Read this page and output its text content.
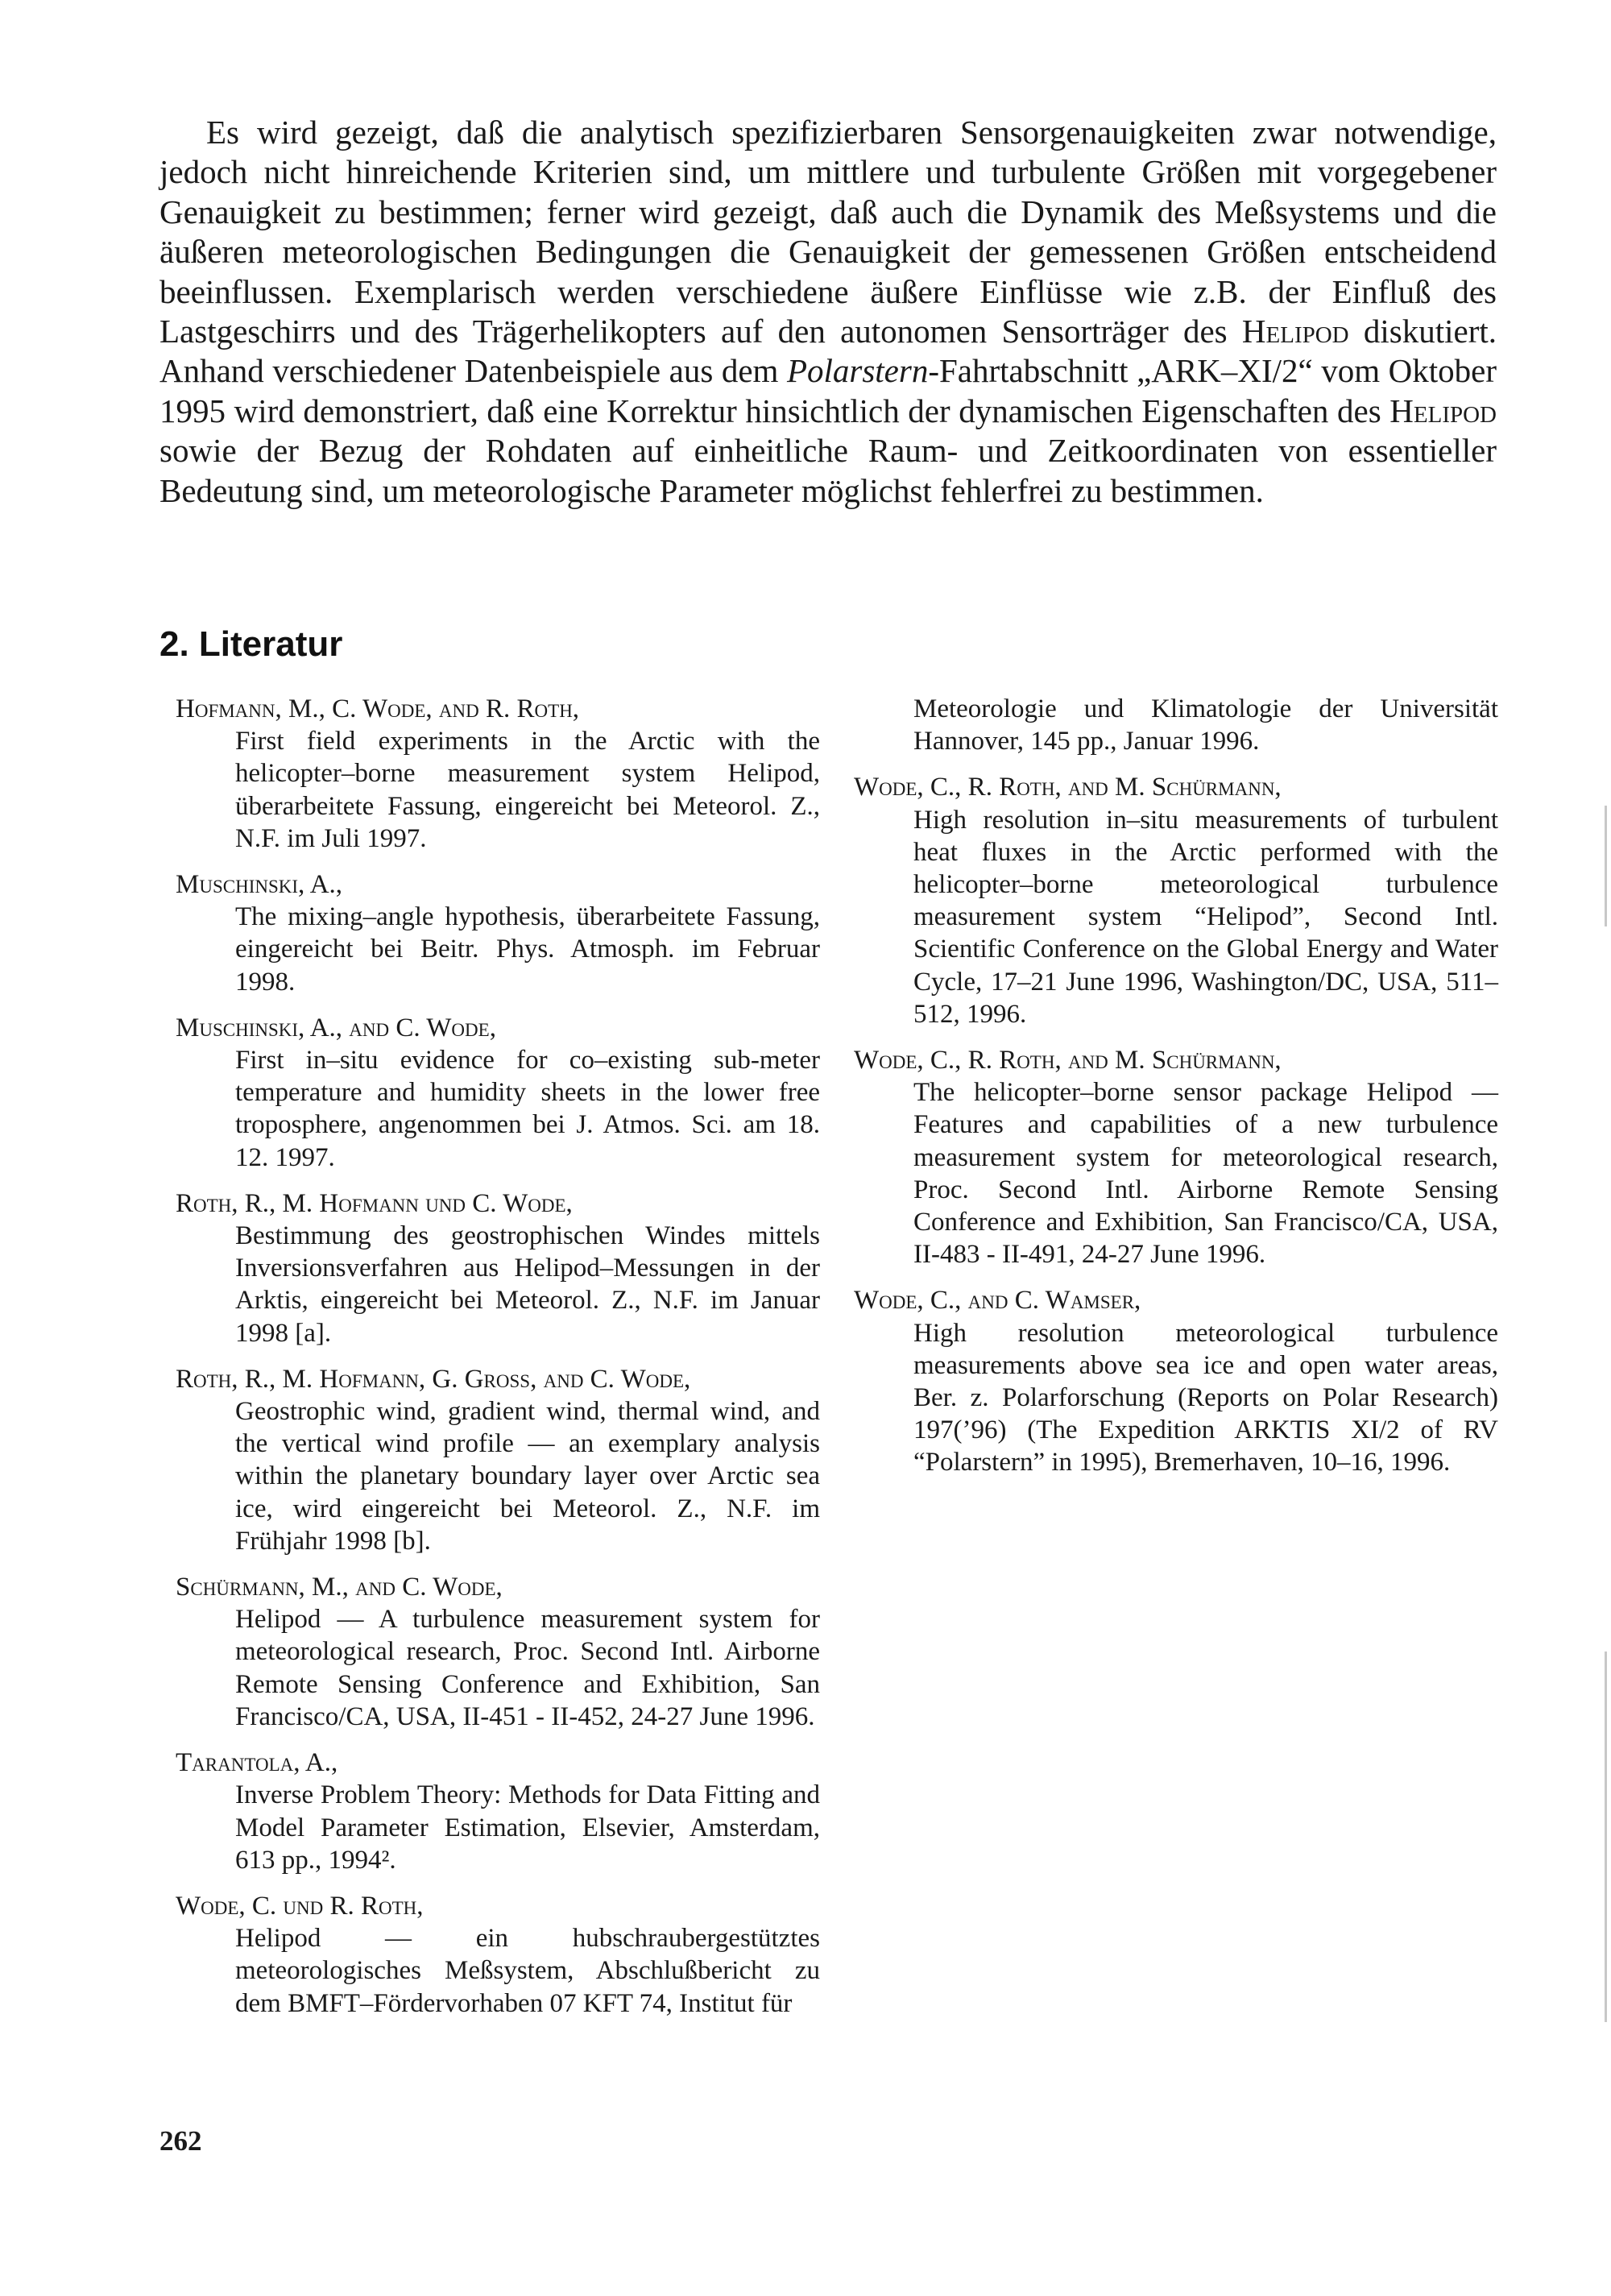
Es wird gezeigt, daß die analytisch spezifizierbaren Sensorgenauigkeiten zwar notwendige, jedoch nicht hinreichende Kriterien sind, um mittlere und turbulente Größen mit vorgegebener Genauigkeit zu bestimmen; ferner wird gezeigt, daß auch die Dynamik des Meßsystems und die äußeren meteorologischen Bedingungen die Genauigkeit der gemessenen Größen entscheidend beeinflussen. Exemplarisch werden verschiedene äußere Einflüsse wie z.B. der Einfluß des Lastgeschirrs und des Trägerhelikopters auf den autonomen Sensorträger des Helipod diskutiert. Anhand verschiedener Datenbeispiele aus dem Polarstern-Fahrtabschnitt „ARK–XI/2“ vom Oktober 1995 wird demonstriert, daß eine Korrektur hinsichtlich der dynamischen Eigenschaften des Helipod sowie der Bezug der Rohdaten auf einheitliche Raum- und Zeitkoordinaten von essentieller Bedeutung sind, um meteorologische Parameter möglichst fehlerfrei zu bestimmen.
2. Literatur
Hofmann, M., C. Wode, and R. Roth,
First field experiments in the Arctic with the helicopter–borne measurement system Helipod, überarbeitete Fassung, eingereicht bei Meteorol. Z., N.F. im Juli 1997.
Muschinski, A.,
The mixing–angle hypothesis, überarbeitete Fassung, eingereicht bei Beitr. Phys. Atmosph. im Februar 1998.
Muschinski, A., and C. Wode,
First in–situ evidence for co–existing sub-meter temperature and humidity sheets in the lower free troposphere, angenommen bei J. Atmos. Sci. am 18. 12. 1997.
Roth, R., M. Hofmann und C. Wode,
Bestimmung des geostrophischen Windes mittels Inversionsverfahren aus Helipod–Messungen in der Arktis, eingereicht bei Meteorol. Z., N.F. im Januar 1998 [a].
Roth, R., M. Hofmann, G. Gross, and C. Wode,
Geostrophic wind, gradient wind, thermal wind, and the vertical wind profile — an exemplary analysis within the planetary boundary layer over Arctic sea ice, wird eingereicht bei Meteorol. Z., N.F. im Frühjahr 1998 [b].
Schürmann, M., and C. Wode,
Helipod — A turbulence measurement system for meteorological research, Proc. Second Intl. Airborne Remote Sensing Conference and Exhibition, San Francisco/CA, USA, II-451 - II-452, 24-27 June 1996.
Tarantola, A.,
Inverse Problem Theory: Methods for Data Fitting and Model Parameter Estimation, Elsevier, Amsterdam, 613 pp., 1994².
Wode, C. und R. Roth,
Helipod — ein hubschraubergestütztes meteorologisches Meßsystem, Abschlußbericht zu dem BMFT–Fördervorhaben 07 KFT 74, Institut für
Meteorologie und Klimatologie der Universität Hannover, 145 pp., Januar 1996.
Wode, C., R. Roth, and M. Schürmann,
High resolution in–situ measurements of turbulent heat fluxes in the Arctic performed with the helicopter–borne meteorological turbulence measurement system “Helipod”, Second Intl. Scientific Conference on the Global Energy and Water Cycle, 17–21 June 1996, Washington/DC, USA, 511–512, 1996.
Wode, C., R. Roth, and M. Schürmann,
The helicopter–borne sensor package Helipod — Features and capabilities of a new turbulence measurement system for meteorological research, Proc. Second Intl. Airborne Remote Sensing Conference and Exhibition, San Francisco/CA, USA, II-483 - II-491, 24-27 June 1996.
Wode, C., and C. Wamser,
High resolution meteorological turbulence measurements above sea ice and open water areas, Ber. z. Polarforschung (Reports on Polar Research) 197(’96) (The Expedition ARKTIS XI/2 of RV “Polarstern” in 1995), Bremerhaven, 10–16, 1996.
262
